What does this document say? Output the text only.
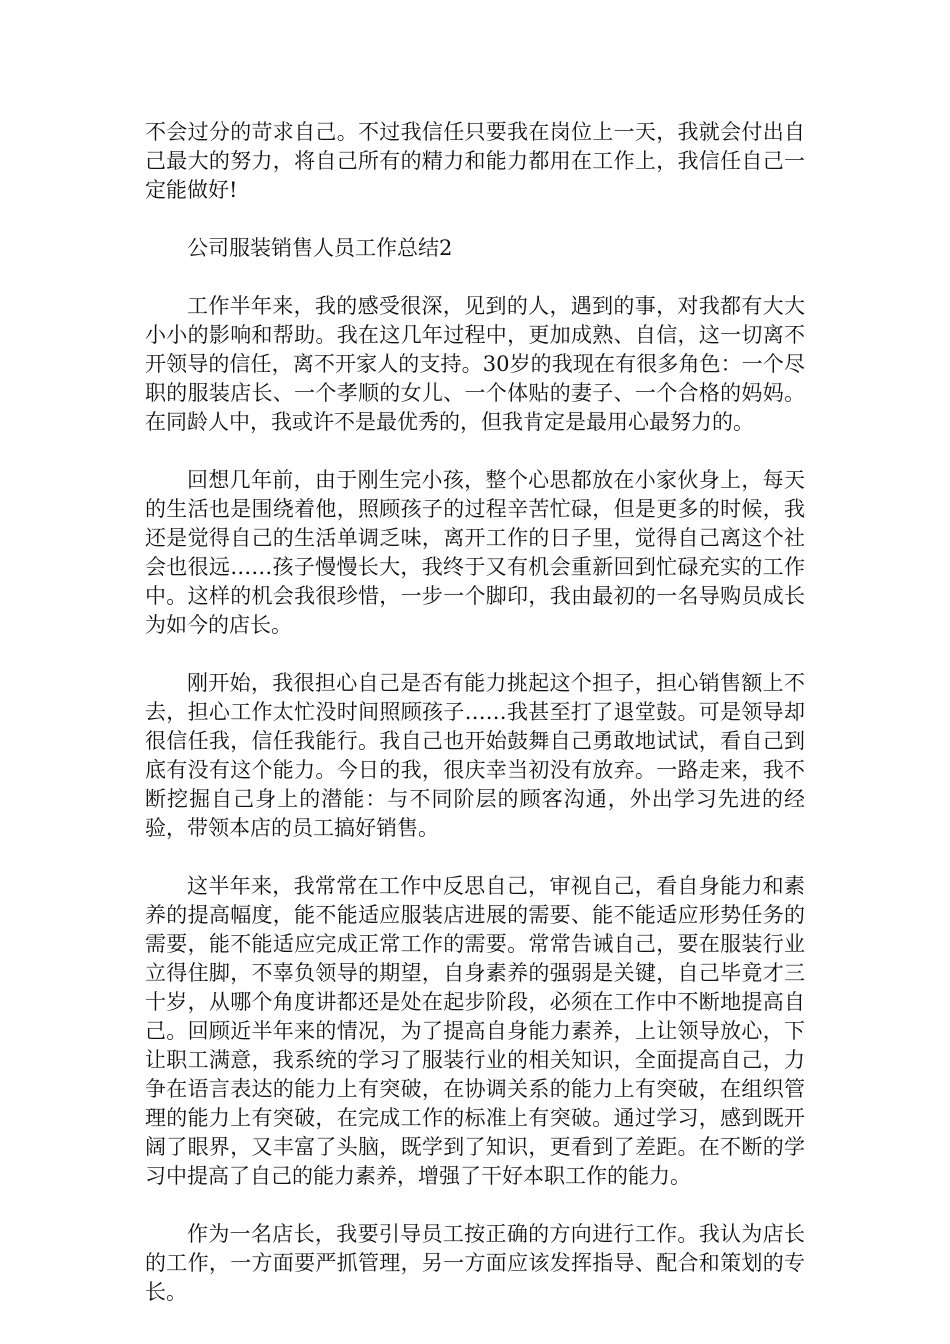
不会过分的苛求自己。不过我信任只要我在岗位上一天，我就会付出自己最大的努力，将自己所有的精力和能力都用在工作上，我信任自己一定能做好!

公司服装销售人员工作总结2

工作半年来，我的感受很深，见到的人，遇到的事，对我都有大大小小的影响和帮助。我在这几年过程中，更加成熟、自信，这一切离不开领导的信任，离不开家人的支持。30岁的我现在有很多角色：一个尽职的服装店长、一个孝顺的女儿、一个体贴的妻子、一个合格的妈妈。在同龄人中，我或许不是最优秀的，但我肯定是最用心最努力的。

回想几年前，由于刚生完小孩，整个心思都放在小家伙身上，每天的生活也是围绕着他，照顾孩子的过程辛苦忙碌，但是更多的时候，我还是觉得自己的生活单调乏味，离开工作的日子里，觉得自己离这个社会也很远……孩子慢慢长大，我终于又有机会重新回到忙碌充实的工作中。这样的机会我很珍惜，一步一个脚印，我由最初的一名导购员成长为如今的店长。

刚开始，我很担心自己是否有能力挑起这个担子，担心销售额上不去，担心工作太忙没时间照顾孩子……我甚至打了退堂鼓。可是领导却很信任我，信任我能行。我自己也开始鼓舞自己勇敢地试试，看自己到底有没有这个能力。今日的我，很庆幸当初没有放弃。一路走来，我不断挖掘自己身上的潜能：与不同阶层的顾客沟通，外出学习先进的经验，带领本店的员工搞好销售。

这半年来，我常常在工作中反思自己，审视自己，看自身能力和素养的提高幅度，能不能适应服装店进展的需要、能不能适应形势任务的需要，能不能适应完成正常工作的需要。常常告诫自己，要在服装行业立得住脚，不辜负领导的期望，自身素养的强弱是关键，自己毕竟才三十岁，从哪个角度讲都还是处在起步阶段，必须在工作中不断地提高自己。回顾近半年来的情况，为了提高自身能力素养，上让领导放心，下让职工满意，我系统的学习了服装行业的相关知识，全面提高自己，力争在语言表达的能力上有突破，在协调关系的能力上有突破，在组织管理的能力上有突破，在完成工作的标准上有突破。通过学习，感到既开阔了眼界，又丰富了头脑，既学到了知识，更看到了差距。在不断的学习中提高了自己的能力素养，增强了干好本职工作的能力。

作为一名店长，我要引导员工按正确的方向进行工作。我认为店长的工作，一方面要严抓管理，另一方面应该发挥指导、配合和策划的专长。
